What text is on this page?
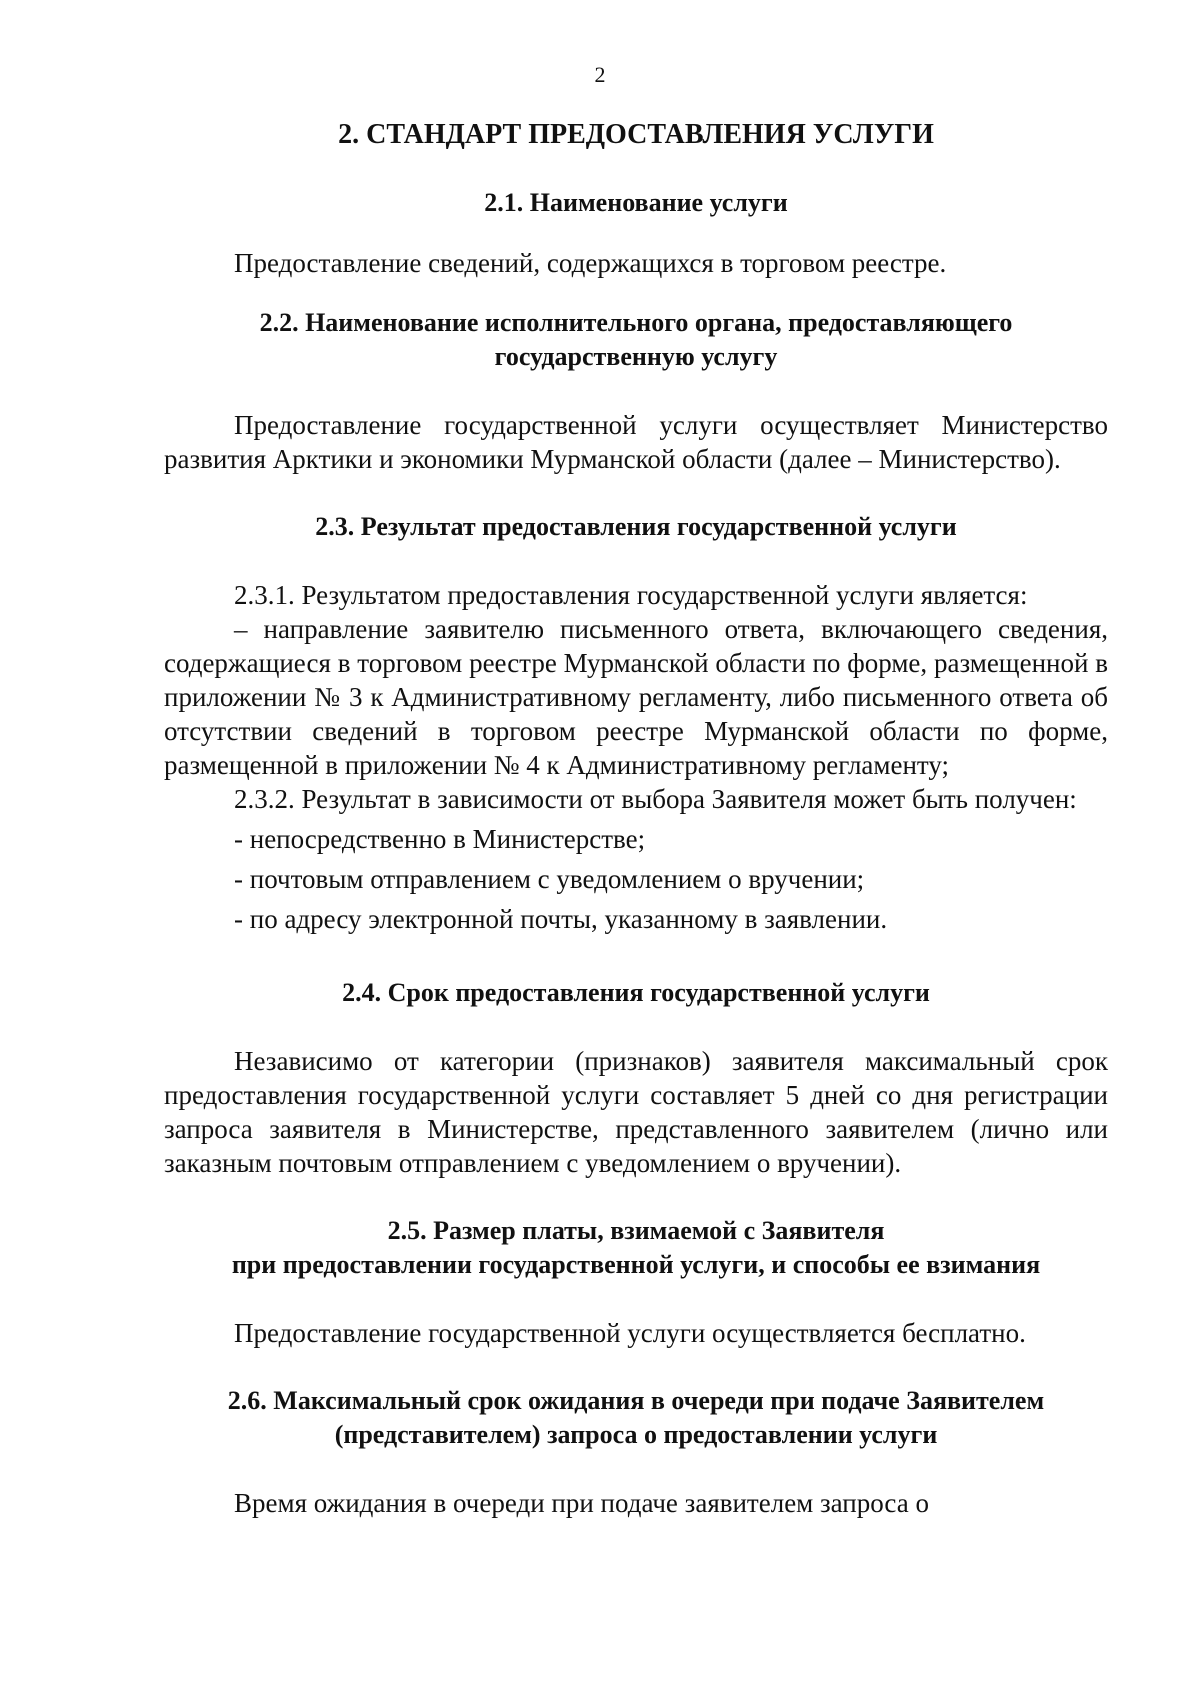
2
2. СТАНДАРТ ПРЕДОСТАВЛЕНИЯ УСЛУГИ
2.1. Наименование услуги

Предоставление сведений, содержащихся в торговом реестре.

2.2. Наименование исполнительного органа, предоставляющего
государственную услугу

Предоставление государственной услуги осуществляет Министерство развития Арктики и экономики Мурманской области (далее – Министерство).

2.3. Результат предоставления государственной услуги

2.3.1. Результатом предоставления государственной услуги является:

– направление заявителю письменного ответа, включающего сведения, содержащиеся в торговом реестре Мурманской области по форме, размещенной в приложении № 3 к Административному регламенту, либо письменного ответа об отсутствии сведений в торговом реестре Мурманской области по форме, размещенной в приложении № 4 к Административному регламенту;

2.3.2. Результат в зависимости от выбора Заявителя может быть получен:

- непосредственно в Министерстве;

- почтовым отправлением с уведомлением о вручении;

- по адресу электронной почты, указанному в заявлении.

2.4. Срок предоставления государственной услуги

Независимо от категории (признаков) заявителя максимальный срок предоставления государственной услуги составляет 5 дней со дня регистрации запроса заявителя в Министерстве, представленного заявителем (лично или заказным почтовым отправлением с уведомлением о вручении).

2.5. Размер платы, взимаемой с Заявителя
при предоставлении государственной услуги, и способы ее взимания

Предоставление государственной услуги осуществляется бесплатно.

2.6. Максимальный срок ожидания в очереди при подаче Заявителем
(представителем) запроса о предоставлении услуги

Время ожидания в очереди при подаче заявителем запроса о
